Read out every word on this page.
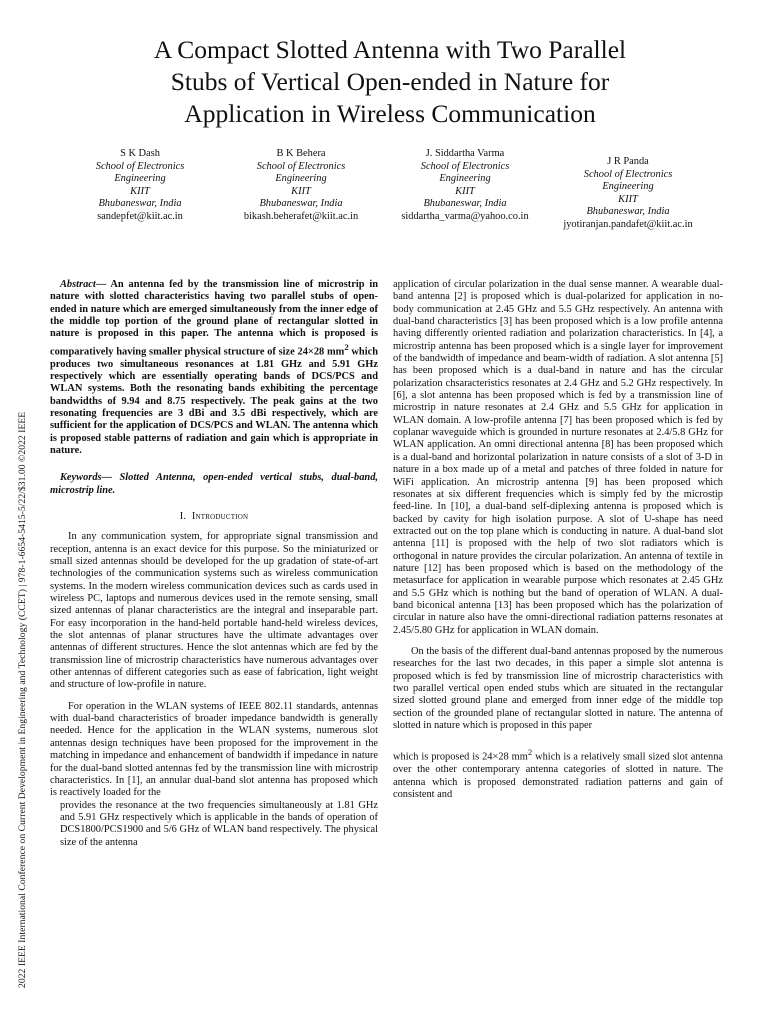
2022 IEEE International Conference on Current Development in Engineering and Technology (CCET) | 978-1-6654-5415-5/22/$31.00 ©2022 IEEE
A Compact Slotted Antenna with Two Parallel
Stubs of Vertical Open-ended in Nature for
Application in Wireless Communication
S K Dash
School of Electronics
Engineering
KIIT
Bhubaneswar, India
sandepfet@kiit.ac.in
B K Behera
School of Electronics
Engineering
KIIT
Bhubaneswar, India
bikash.beherafet@kiit.ac.in
J. Siddartha Varma
School of Electronics
Engineering
KIIT
Bhubaneswar, India
siddartha_varma@yahoo.co.in
J R Panda
School of Electronics
Engineering
KIIT
Bhubaneswar, India
jyotiranjan.pandafet@kiit.ac.in

Abstract— An antenna fed by the transmission line of microstrip in nature with slotted characteristics having two parallel stubs of open-ended in nature which are emerged simultaneously from the inner edge of the middle top portion of the ground plane of rectangular slotted in nature is proposed in this paper. The antenna which is proposed is comparatively having smaller physical structure of size 24×28 $mm^2$ which produces two simultaneous resonances at 1.81 GHz and 5.91 GHz respectively which are essentially operating bands of DCS/PCS and WLAN systems. Both the resonating bands exhibiting the percentage bandwidths of 9.94 and 8.75 respectively. The peak gains at the two resonating frequencies are 3 dBi and 3.5 dBi respectively, which are sufficient for the application of DCS/PCS and WLAN. The antenna which is proposed stable patterns of radiation and gain which is appropriate in nature.

Keywords— Slotted Antenna, open-ended vertical stubs, dual-band, microstrip line.

I. Introduction

In any communication system, for appropriate signal transmission and reception, antenna is an exact device for this purpose. So the miniaturized or small sized antennas should be developed for the up gradation of state-of-art technologies of the communication systems such as wireless communication systems. In the modern wireless communication devices such as cards used in wireless PC, laptops and numerous devices used in the remote sensing, small sized antennas of planar characteristics are the integral and inseparable part. For easy incorporation in the hand-held portable hand-held wireless devices, the slot antennas of planar structures have the ultimate advantages over antennas of different structures. Hence the slot antennas which are fed by the transmission line of microstrip characteristics have numerous advantages over other antennas of different categories such as ease of fabrication, light weight and structure of low-profile in nature.

For operation in the WLAN systems of IEEE 802.11 standards, antennas with dual-band characteristics of broader impedance bandwidth is generally needed. Hence for the application in the WLAN systems, numerous slot antennas design techniques have been proposed for the improvement in the matching in impedance and enhancement of bandwidth if impedance in nature for the dual-band slotted antennas fed by the transmission line with microstrip characteristics. In [1], an annular dual-band slot antenna has proposed which is reactively loaded for the

provides the resonance at the two frequencies simultaneously at 1.81 GHz and 5.91 GHz respectively which is applicable in the bands of operation of DCS1800/PCS1900 and 5/6 GHz of WLAN band respectively. The physical size of the antenna

application of circular polarization in the dual sense manner. A wearable dual-band antenna [2] is proposed which is dual-polarized for application in no-body communication at 2.45 GHz and 5.5 GHz respectively. An antenna with dual-band characteristics [3] has been proposed which is a low profile antenna having differently oriented radiation and polarization characteristics. In [4], a microstrip antenna has been proposed which is a single layer for improvement of the bandwidth of impedance and beam-width of radiation. A slot antenna [5] has been proposed which is a dual-band in nature and has the circular polarization chsaracteristics resonates at 2.4 GHz and 5.2 GHz respectively. In [6], a slot antenna has been proposed which is fed by a transmission line of microstrip in nature resonates at 2.4 GHz and 5.5 GHz for application in WLAN domain. A low-profile antenna [7] has been proposed which is fed by coplanar waveguide which is grounded in nurture resonates at 2.4/5.8 GHz for WLAN application. An omni directional antenna [8] has been proposed which is a dual-band and horizontal polarization in nature consists of a slot of 3-D in nature in a box made up of a metal and patches of three folded in nature for WiFi application. An microstrip antenna [9] has been proposed which resonates at six different frequencies which is simply fed by the microstip feed-line. In [10], a dual-band self-diplexing antenna is proposed which is backed by cavity for high isolation purpose. A slot of U-shape has need extracted out on the top plane which is conducting in nature. A dual-band slot antenna [11] is proposed with the help of two slot radiators which is orthogonal in nature provides the circular polarization. An antenna of textile in nature [12] has been proposed which is based on the methodology of the metasurface for application in wearable purpose which resonates at 2.45 GHz and 5.5 GHz which is nothing but the band of operation of WLAN. A dual-band biconical antenna [13] has been proposed which has the polarization of circular in nature also have the omni-directional radiation patterns resonates at 2.45/5.80 GHz for application in WLAN domain.

On the basis of the different dual-band antennas proposed by the numerous researches for the last two decades, in this paper a simple slot antenna is proposed which is fed by transmission line of microstrip characteristics with two parallel vertical open ended stubs which are situated in the rectangular sized slotted ground plane and emerged from inner edge of the middle top section of the grounded plane of rectangular slotted in nature. The antenna of slotted in nature which is proposed in this paper

which is proposed is 24×28 $mm^2$ which is a relatively small sized slot antenna over the other contemporary antenna categories of slotted in nature. The antenna which is proposed demonstrated radiation patterns and gain of consistent and
